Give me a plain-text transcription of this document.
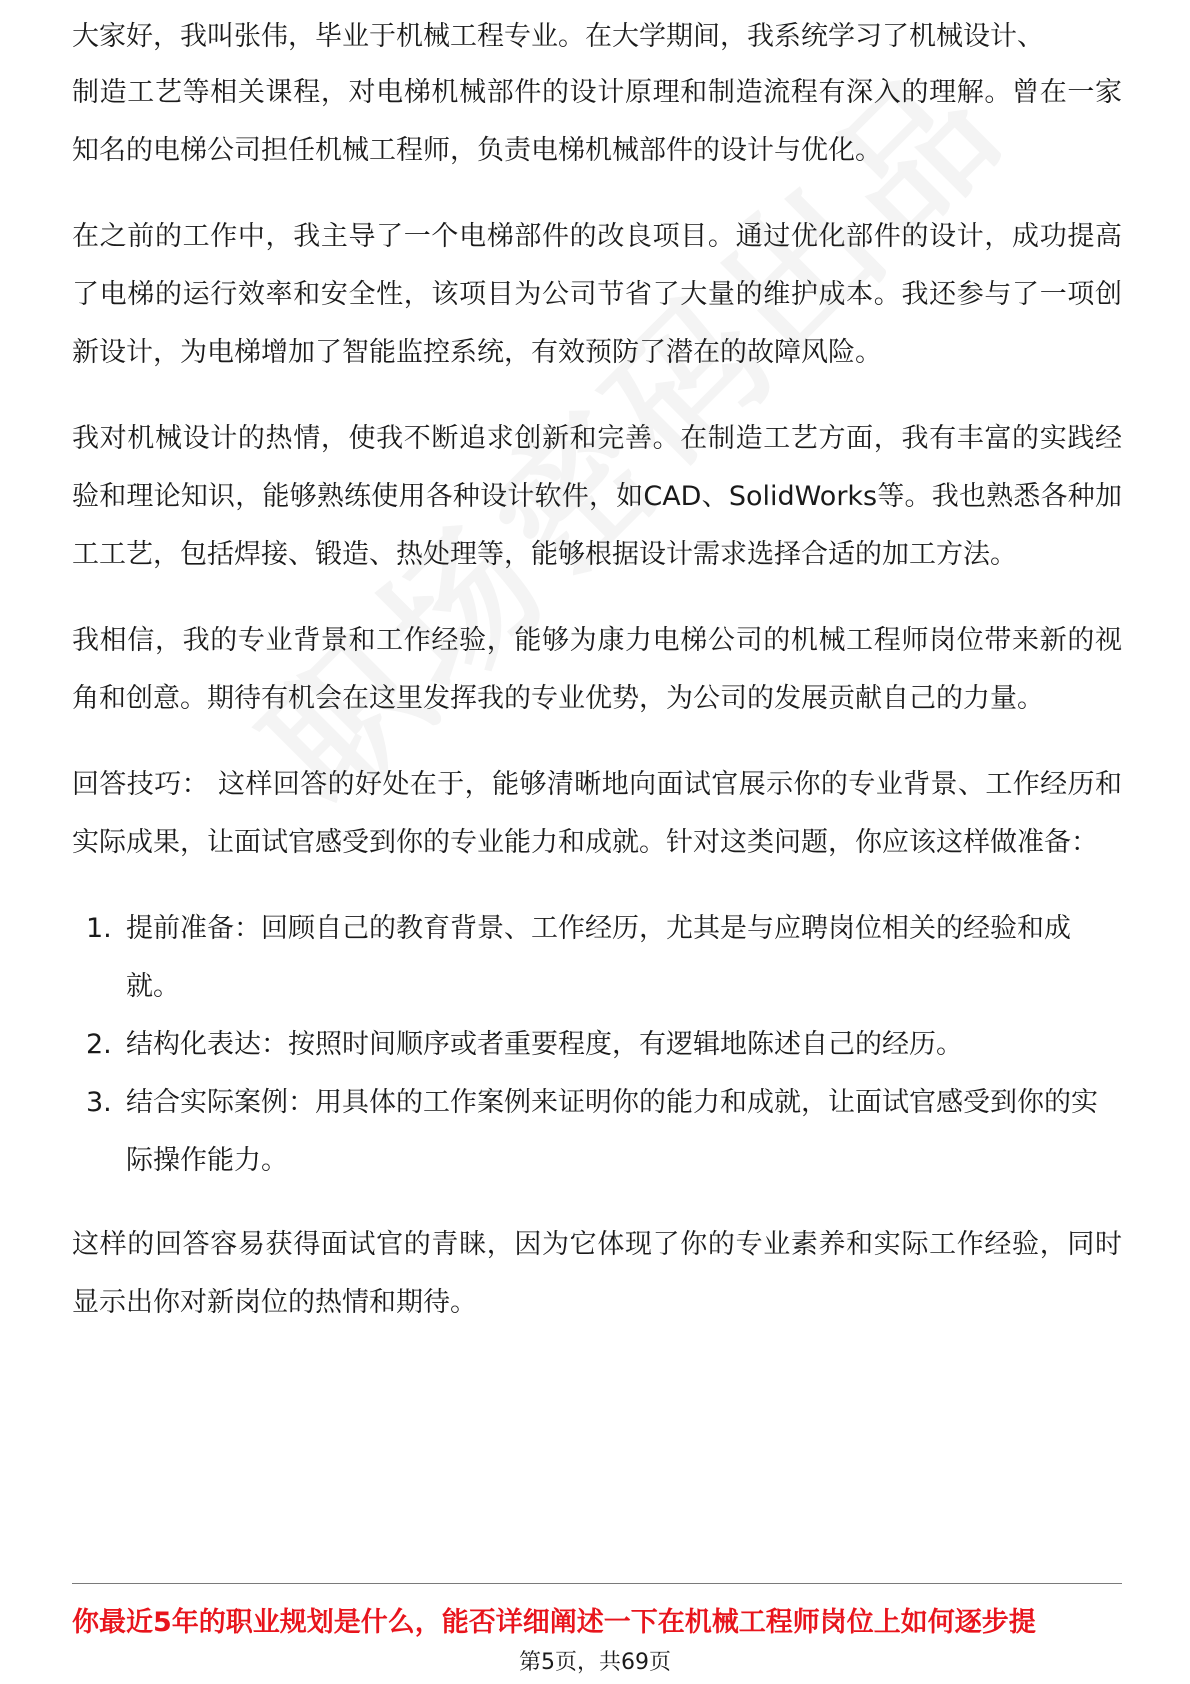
大家好，我叫张伟，毕业于机械工程专业。在大学期间，我系统学习了机械设计、

制造工艺等相关课程，对电梯机械部件的设计原理和制造流程有深入的理解。曾在一家知名的电梯公司担任机械工程师，负责电梯机械部件的设计与优化。

在之前的工作中，我主导了一个电梯部件的改良项目。通过优化部件的设计，成功提高了电梯的运行效率和安全性，该项目为公司节省了大量的维护成本。我还参与了一项创新设计，为电梯增加了智能监控系统，有效预防了潜在的故障风险。

我对机械设计的热情，使我不断追求创新和完善。在制造工艺方面，我有丰富的实践经验和理论知识，能够熟练使用各种设计软件，如CAD、SolidWorks等。我也熟悉各种加工工艺，包括焊接、锻造、热处理等，能够根据设计需求选择合适的加工方法。

我相信，我的专业背景和工作经验，能够为康力电梯公司的机械工程师岗位带来新的视角和创意。期待有机会在这里发挥我的专业优势，为公司的发展贡献自己的力量。

回答技巧： 这样回答的好处在于，能够清晰地向面试官展示你的专业背景、工作经历和实际成果，让面试官感受到你的专业能力和成就。针对这类问题，你应该这样做准备：

1. 提前准备：回顾自己的教育背景、工作经历，尤其是与应聘岗位相关的经验和成就。
2. 结构化表达：按照时间顺序或者重要程度，有逻辑地陈述自己的经历。
3. 结合实际案例：用具体的工作案例来证明你的能力和成就，让面试官感受到你的实际操作能力。

这样的回答容易获得面试官的青睐，因为它体现了你的专业素养和实际工作经验，同时显示出你对新岗位的热情和期待。

你最近5年的职业规划是什么，能否详细阐述一下在机械工程师岗位上如何逐步提
第5页，共69页
